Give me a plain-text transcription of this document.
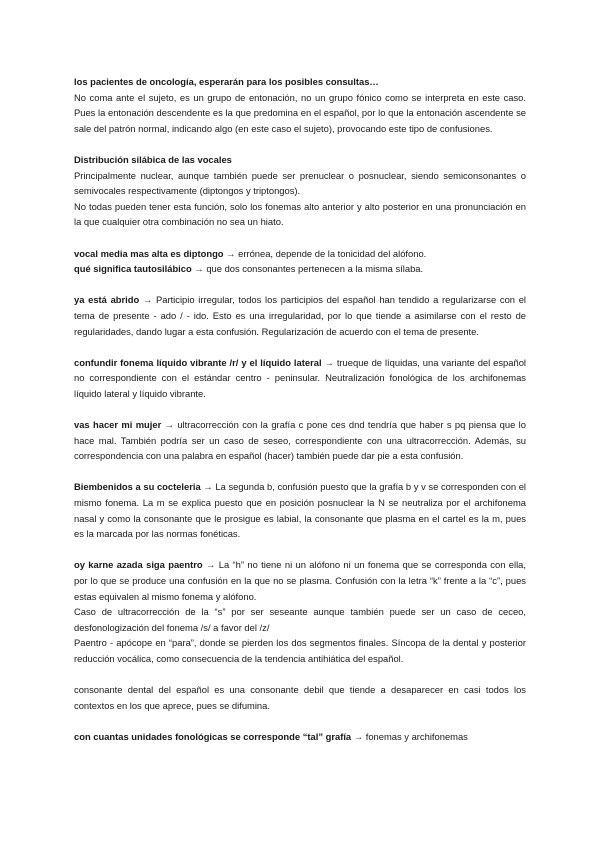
los pacientes de oncología, esperarán para los posibles consultas…

No coma ante el sujeto, es un grupo de entonación, no un grupo fónico como se interpreta en este caso. Pues la entonación descendente es la que predomina en el español, por lo que la entonación ascendente se sale del patrón normal, indicando algo (en este caso el sujeto), provocando este tipo de confusiones.

Distribución silábica de las vocales

Principalmente nuclear, aunque también puede ser prenuclear o posnuclear, siendo semiconsonantes o semivocales respectivamente (diptongos y triptongos).

No todas pueden tener esta función, solo los fonemas alto anterior y alto posterior en una pronunciación en la que cualquier otra combinación no sea un hiato.

vocal media mas alta es diptongo → errónea, depende de la tonicidad del alófono.

qué significa tautosilábico → que dos consonantes pertenecen a la misma sílaba.

ya está abrido → Participio irregular, todos los participios del español han tendido a regularizarse con el tema de presente - ado / - ido. Esto es una irregularidad, por lo que tiende a asimilarse con el resto de regularidades, dando lugar a esta confusión. Regularización de acuerdo con el tema de presente.

confundir fonema líquido vibrante /r/ y el líquido lateral → trueque de líquidas, una variante del español no correspondiente con el estándar centro - peninsular. Neutralización fonológica de los archifonemas líquido lateral y líquido vibrante.

vas hacer mi mujer → ultracorrección con la grafía c pone ces dnd tendría que haber s pq piensa que lo hace mal. También podría ser un caso de seseo, correspondiente con una ultracorrección. Además, su correspondencia con una palabra en español (hacer) también puede dar pie a esta confusión.

Biembenidos a su cocteleria → La segunda b, confusión puesto que la grafía b y v se corresponden con el mismo fonema. La m se explica puesto que en posición posnuclear la N se neutraliza por el archifonema nasal y como la consonante que le prosigue es labial, la consonante que plasma en el cartel es la m, pues es la marcada por las normas fonéticas.

oy karne azada siga paentro → La “h” no tiene ni un alófono ni un fonema que se corresponda con ella, por lo que se produce una confusión en la que no se plasma. Confusión con la letra “k” frente a la “c”, pues estas equivalen al mismo fonema y alófono.

Caso de ultracorrección de la “s” por ser seseante aunque también puede ser un caso de ceceo, desfonologización del fonema /s/ a favor del /z/

Paentro - apócope en “para”, donde se pierden los dos segmentos finales. Síncopa de la dental y posterior reducción vocálica, como consecuencia de la tendencia antihiática del español.

consonante dental del español es una consonante debil que tiende a desaparecer en casi todos los contextos en los que aprece, pues se difumina.

con cuantas unidades fonológicas se corresponde “tal” grafía → fonemas y archifonemas
